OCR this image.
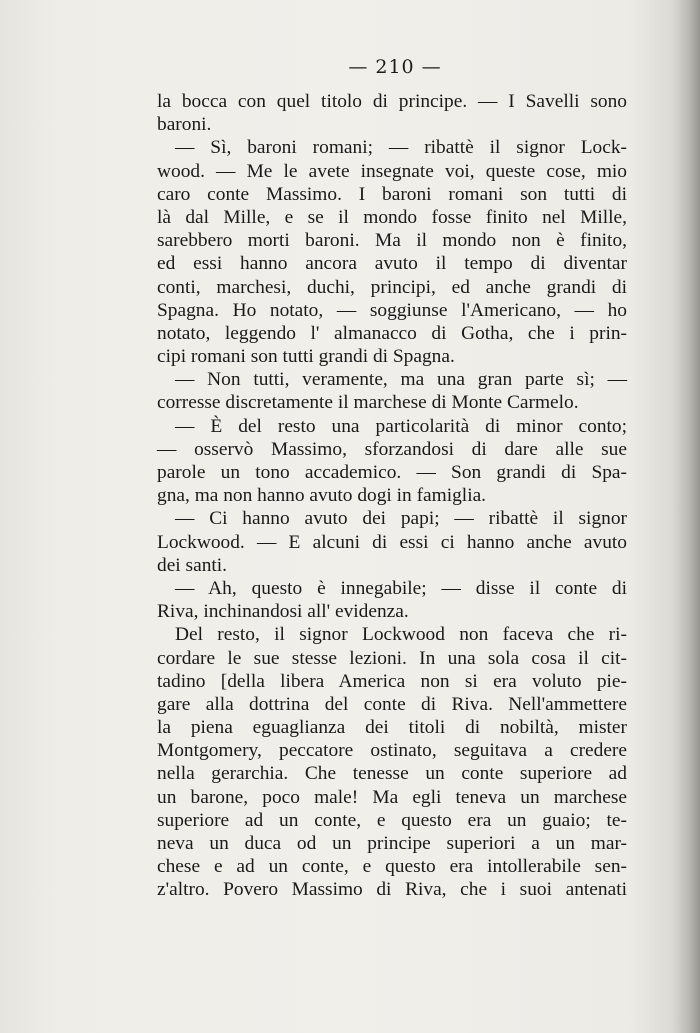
— 210 —
la bocca con quel titolo di principe. — I Savelli sono
baroni.
— Sì, baroni romani; — ribattè il signor Lock-
wood. — Me le avete insegnate voi, queste cose, mio
caro conte Massimo. I baroni romani son tutti di
là dal Mille, e se il mondo fosse finito nel Mille,
sarebbero morti baroni. Ma il mondo non è finito,
ed essi hanno ancora avuto il tempo di diventar
conti, marchesi, duchi, principi, ed anche grandi di
Spagna. Ho notato, — soggiunse l'Americano, — ho
notato, leggendo l' almanacco di Gotha, che i prin-
cipi romani son tutti grandi di Spagna.
— Non tutti, veramente, ma una gran parte sì; —
corresse discretamente il marchese di Monte Carmelo.
— È del resto una particolarità di minor conto;
— osservò Massimo, sforzandosi di dare alle sue
parole un tono accademico. — Son grandi di Spa-
gna, ma non hanno avuto dogi in famiglia.
— Ci hanno avuto dei papi; — ribattè il signor
Lockwood. — E alcuni di essi ci hanno anche avuto
dei santi.
— Ah, questo è innegabile; — disse il conte di
Riva, inchinandosi all' evidenza.
Del resto, il signor Lockwood non faceva che ri-
cordare le sue stesse lezioni. In una sola cosa il cit-
tadino [della libera America non si era voluto pie-
gare alla dottrina del conte di Riva. Nell'ammettere
la piena eguaglianza dei titoli di nobiltà, mister
Montgomery, peccatore ostinato, seguitava a credere
nella gerarchia. Che tenesse un conte superiore ad
un barone, poco male! Ma egli teneva un marchese
superiore ad un conte, e questo era un guaio; te-
neva un duca od un principe superiori a un mar-
chese e ad un conte, e questo era intollerabile sen-
z'altro. Povero Massimo di Riva, che i suoi antenati
